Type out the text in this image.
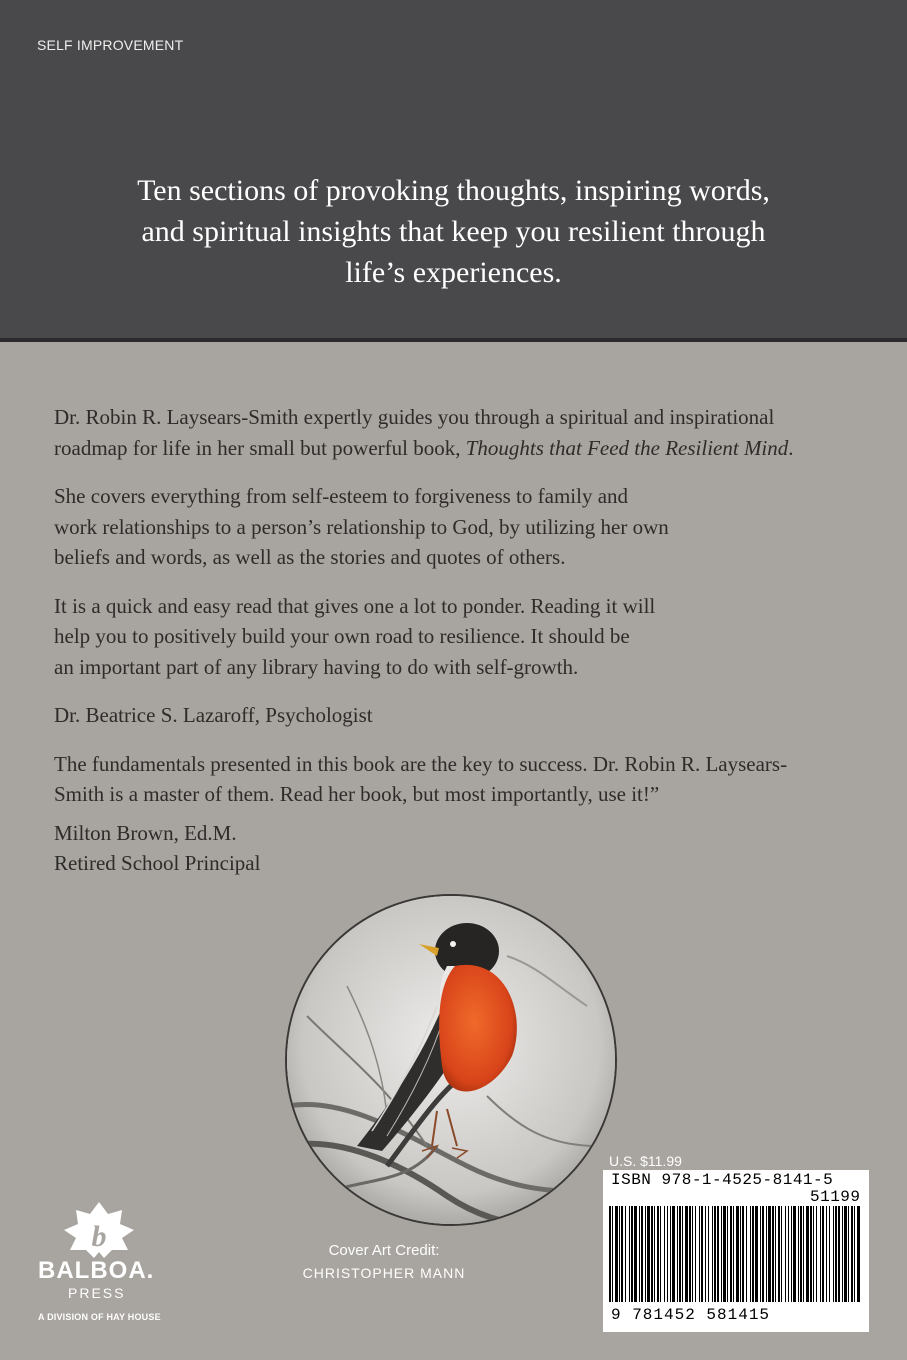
SELF IMPROVEMENT
Ten sections of provoking thoughts, inspiring words,
and spiritual insights that keep you resilient through
life’s experiences.

Dr. Robin R. Laysears-Smith expertly guides you through a spiritual and inspirational
roadmap for life in her small but powerful book, Thoughts that Feed the Resilient Mind.

She covers everything from self-esteem to forgiveness to family and
work relationships to a person’s relationship to God, by utilizing her own
beliefs and words, as well as the stories and quotes of others.

It is a quick and easy read that gives one a lot to ponder. Reading it will
help you to positively build your own road to resilience. It should be
an important part of any library having to do with self-growth.

Dr. Beatrice S. Lazaroff, Psychologist

The fundamentals presented in this book are the key to success. Dr. Robin R. Laysears-
Smith is a master of them. Read her book, but most importantly, use it!”

Milton Brown, Ed.M.
Retired School Principal

Cover Art Credit:
CHRISTOPHER MANN
b
BALBOA.
PRESS
A DIVISION OF HAY HOUSE
U.S. $11.99
ISBN 978-1-4525-8141-5
51199
9 781452 581415
